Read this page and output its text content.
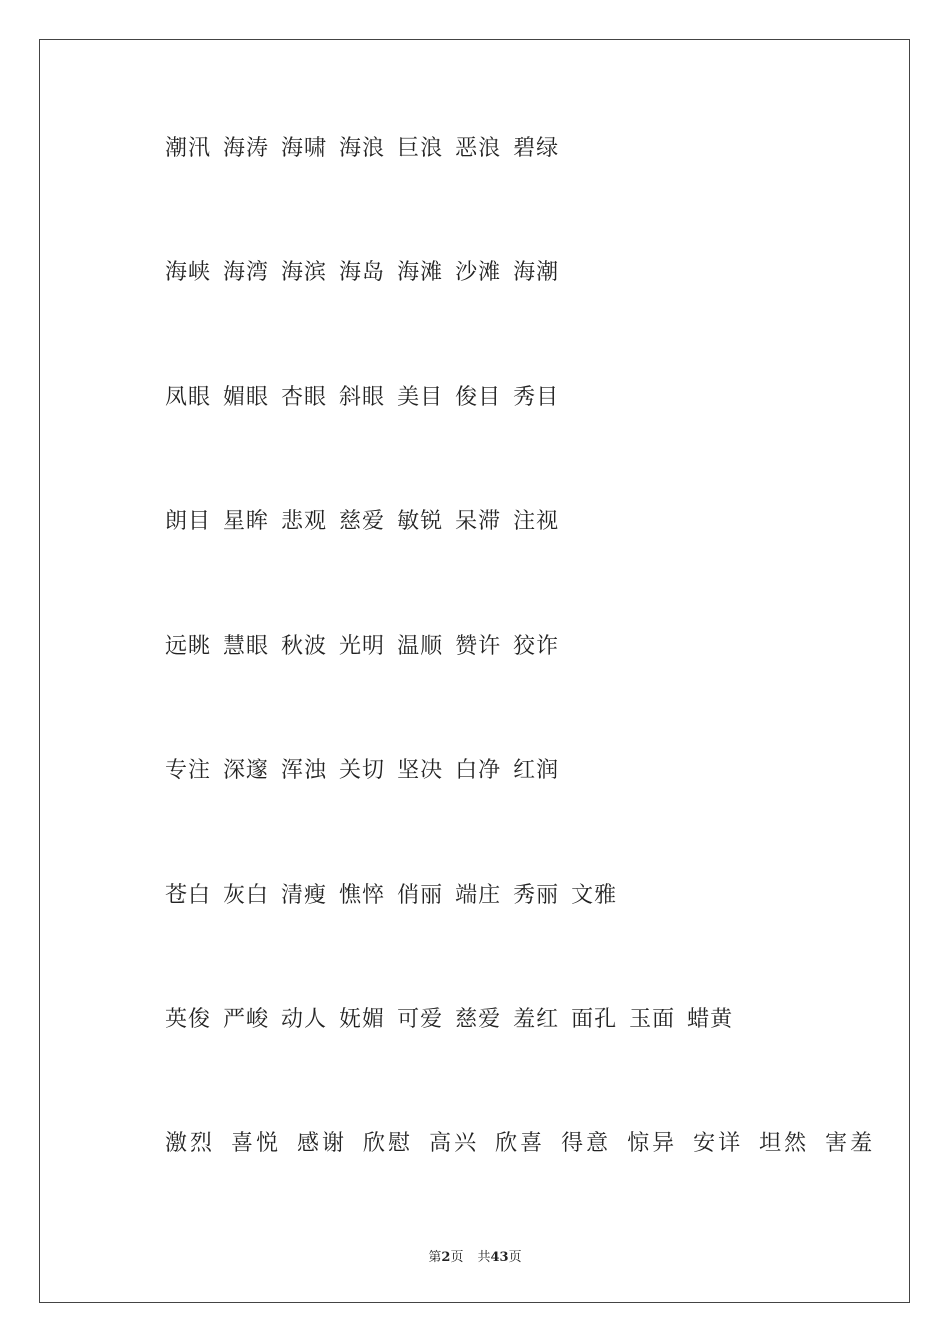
潮汛 海涛 海啸 海浪 巨浪 恶浪 碧绿
海峡 海湾 海滨 海岛 海滩 沙滩 海潮
凤眼 媚眼 杏眼 斜眼 美目 俊目 秀目
朗目 星眸 悲观 慈爱 敏锐 呆滞 注视
远眺 慧眼 秋波 光明 温顺 赞许 狡诈
专注 深邃 浑浊 关切 坚决 白净 红润
苍白 灰白 清瘦 憔悴 俏丽 端庄 秀丽 文雅
英俊 严峻 动人 妩媚 可爱 慈爱 羞红 面孔 玉面 蜡黄
激烈 喜悦 感谢 欣慰 高兴 欣喜 得意 惊异 安详 坦然 害羞
第2页 共43页
